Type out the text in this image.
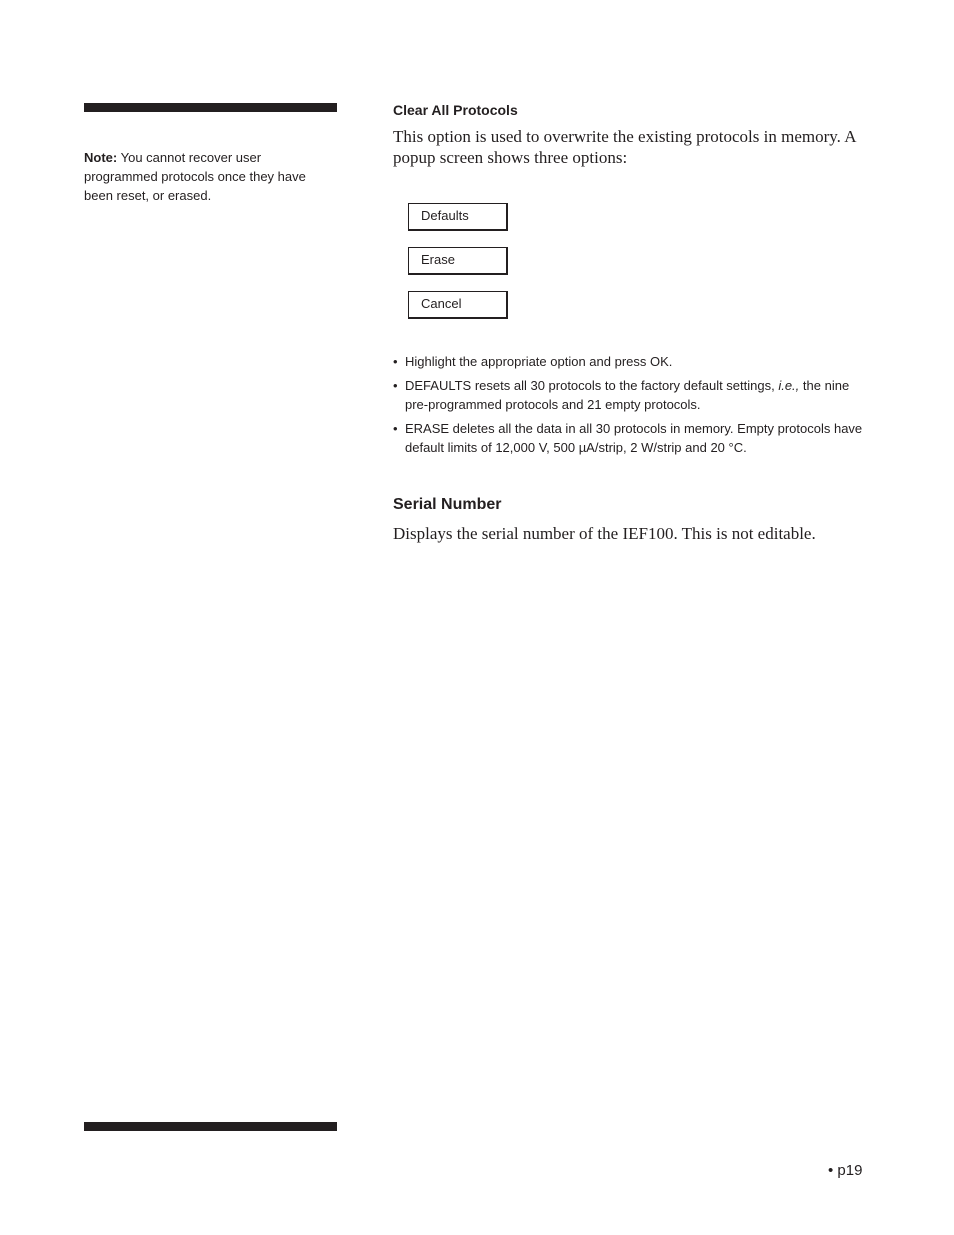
Note: You cannot recover user programmed protocols once they have been reset, or erased.
Clear All Protocols

This option is used to overwrite the existing protocols in memory. A popup screen shows three options:

Defaults
Erase
Cancel
• Highlight the appropriate option and press OK.
• DEFAULTS resets all 30 protocols to the factory default settings, i.e., the nine pre-programmed protocols and 21 empty protocols.
• ERASE deletes all the data in all 30 protocols in memory. Empty protocols have default limits of 12,000 V, 500 µA/strip, 2 W/strip and 20 °C.
Serial Number

Displays the serial number of the IEF100. This is not editable.

• p19
